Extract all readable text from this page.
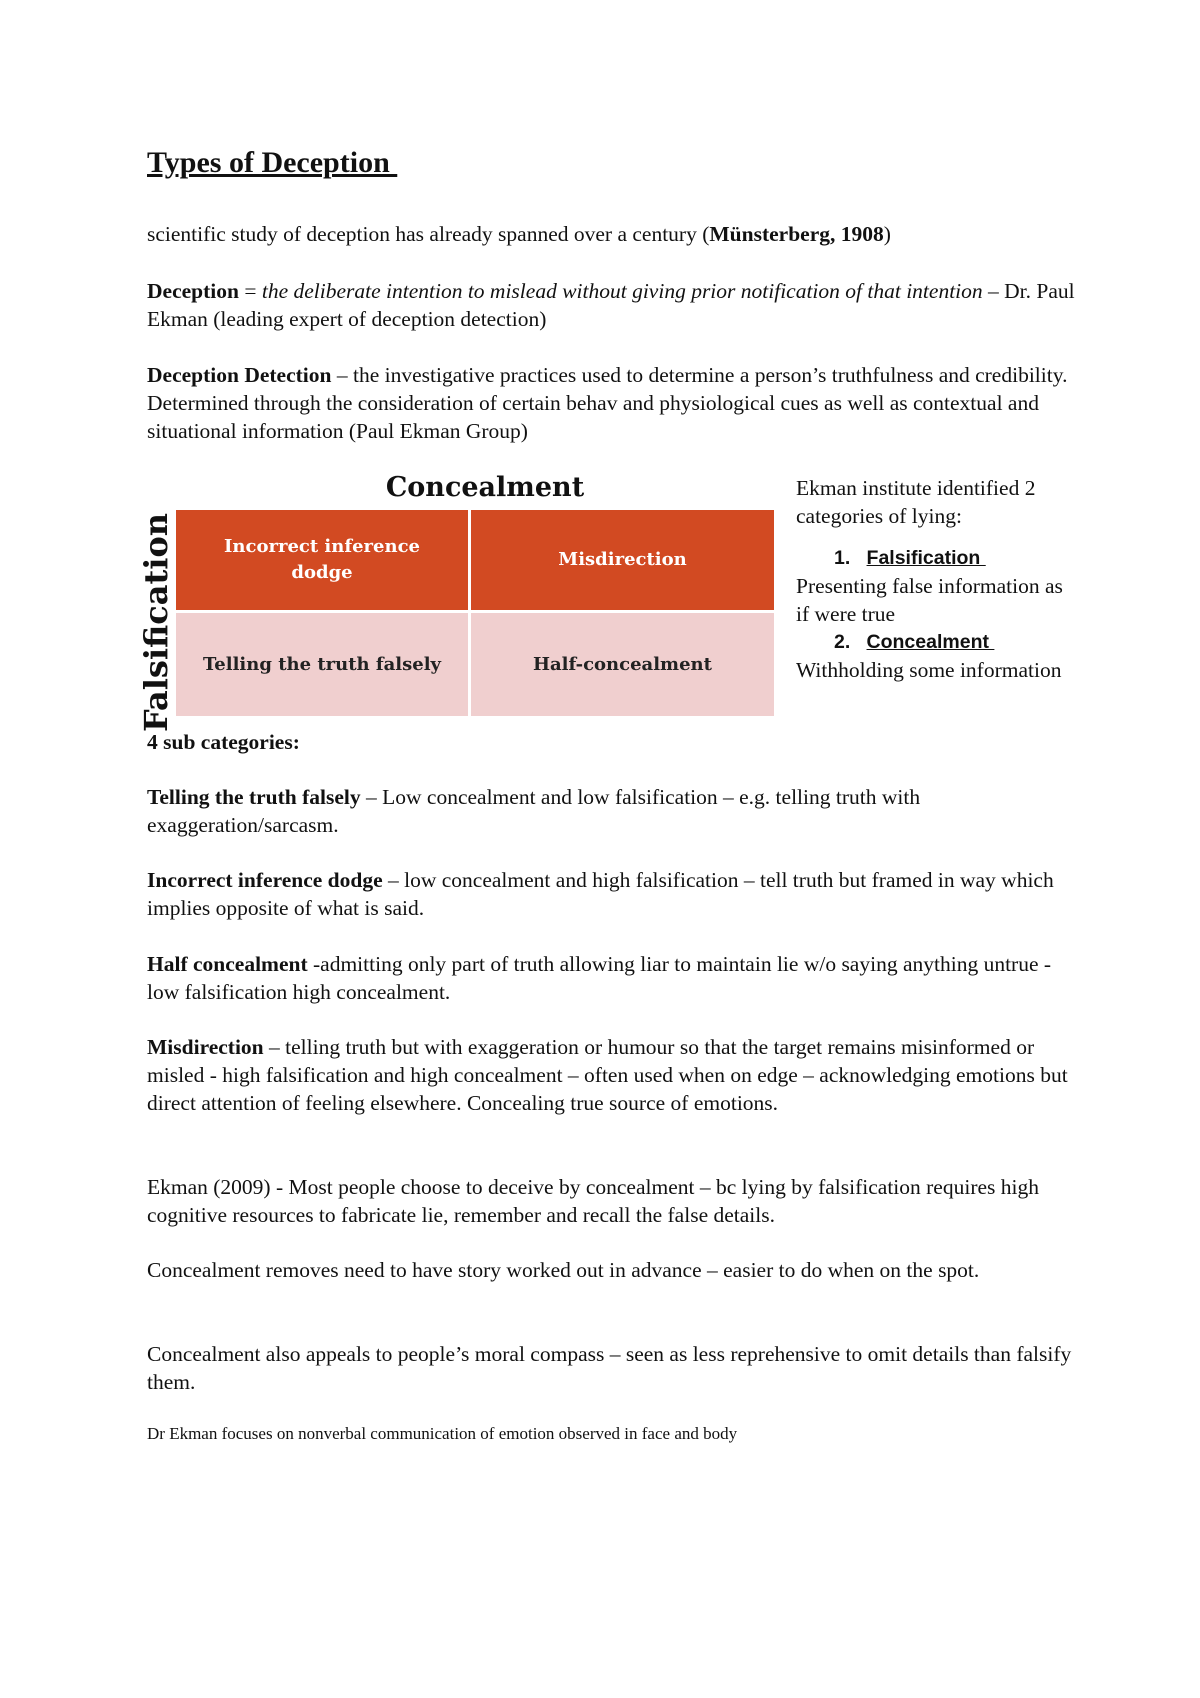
Types of Deception

scientific study of deception has already spanned over a century (Münsterberg, 1908)

Deception = the deliberate intention to mislead without giving prior notification of that intention – Dr. Paul Ekman (leading expert of deception detection)

Deception Detection – the investigative practices used to determine a person’s truthfulness and credibility. Determined through the consideration of certain behav and physiological cues as well as contextual and situational information (Paul Ekman Group)

Concealment
Falsification	Incorrect inference dodge
Misdirection
Telling the truth falsely	Half-concealment
Ekman institute identified 2 categories of lying:
1. Falsification
Presenting false information as if were true
2. Concealment
Withholding some information

4 sub categories:

Telling the truth falsely – Low concealment and low falsification – e.g. telling truth with exaggeration/sarcasm.

Incorrect inference dodge – low concealment and high falsification – tell truth but framed in way which implies opposite of what is said.

Half concealment -admitting only part of truth allowing liar to maintain lie w/o saying anything untrue - low falsification high concealment.

Misdirection – telling truth but with exaggeration or humour so that the target remains misinformed or misled - high falsification and high concealment – often used when on edge – acknowledging emotions but direct attention of feeling elsewhere. Concealing true source of emotions.

Ekman (2009) - Most people choose to deceive by concealment – bc lying by falsification requires high cognitive resources to fabricate lie, remember and recall the false details.

Concealment removes need to have story worked out in advance – easier to do when on the spot.

Concealment also appeals to people’s moral compass – seen as less reprehensive to omit details than falsify them.

Dr Ekman focuses on nonverbal communication of emotion observed in face and body
